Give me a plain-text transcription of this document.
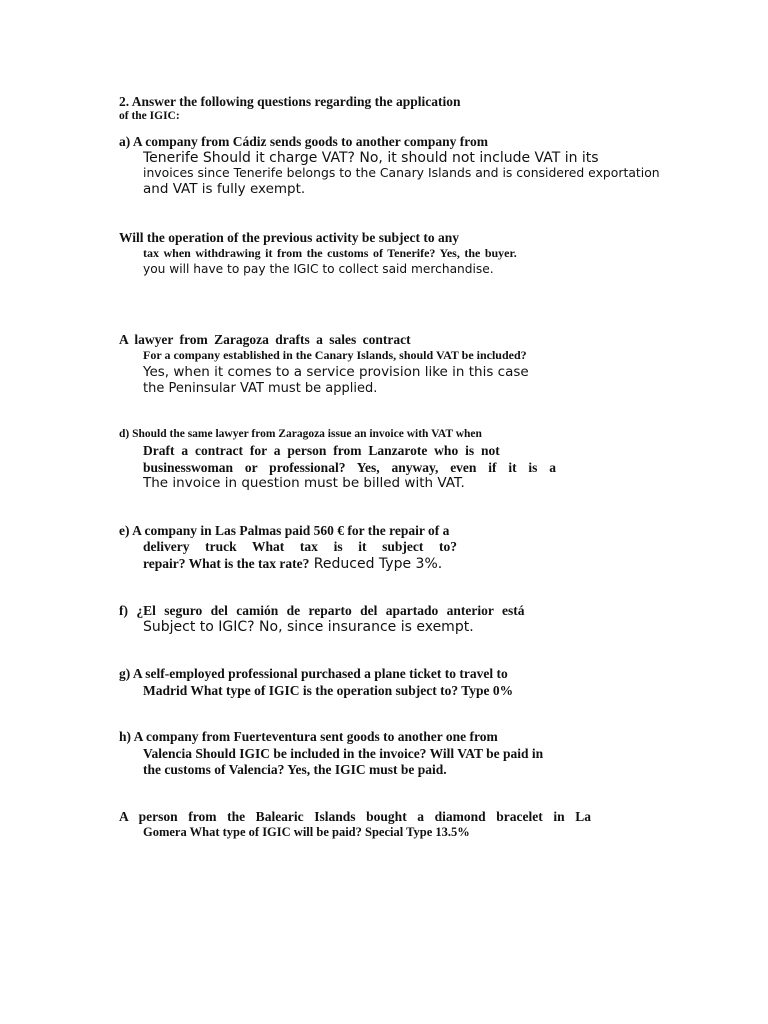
2. Answer the following questions regarding the application
of the IGIC:
a) A company from Cádiz sends goods to another company from
Tenerife Should it charge VAT? No, it should not include VAT in its
invoices since Tenerife belongs to the Canary Islands and is considered exportation
and VAT is fully exempt.
Will the operation of the previous activity be subject to any
tax when withdrawing it from the customs of Tenerife? Yes, the buyer.
you will have to pay the IGIC to collect said merchandise.
A lawyer from Zaragoza drafts a sales contract
For a company established in the Canary Islands, should VAT be included?
Yes, when it comes to a service provision like in this case
the Peninsular VAT must be applied.
d) Should the same lawyer from Zaragoza issue an invoice with VAT when
Draft a contract for a person from Lanzarote who is not
businesswoman or professional? Yes, anyway, even if it is a
The invoice in question must be billed with VAT.
e) A company in Las Palmas paid 560 € for the repair of a
delivery truck What tax is it subject to?
repair? What is the tax rate? Reduced Type 3%.
f) ¿El seguro del camión de reparto del apartado anterior está
Subject to IGIC? No, since insurance is exempt.
g) A self-employed professional purchased a plane ticket to travel to
Madrid What type of IGIC is the operation subject to? Type 0%
h) A company from Fuerteventura sent goods to another one from
Valencia Should IGIC be included in the invoice? Will VAT be paid in
the customs of Valencia? Yes, the IGIC must be paid.
A person from the Balearic Islands bought a diamond bracelet in La
Gomera What type of IGIC will be paid? Special Type 13.5%
